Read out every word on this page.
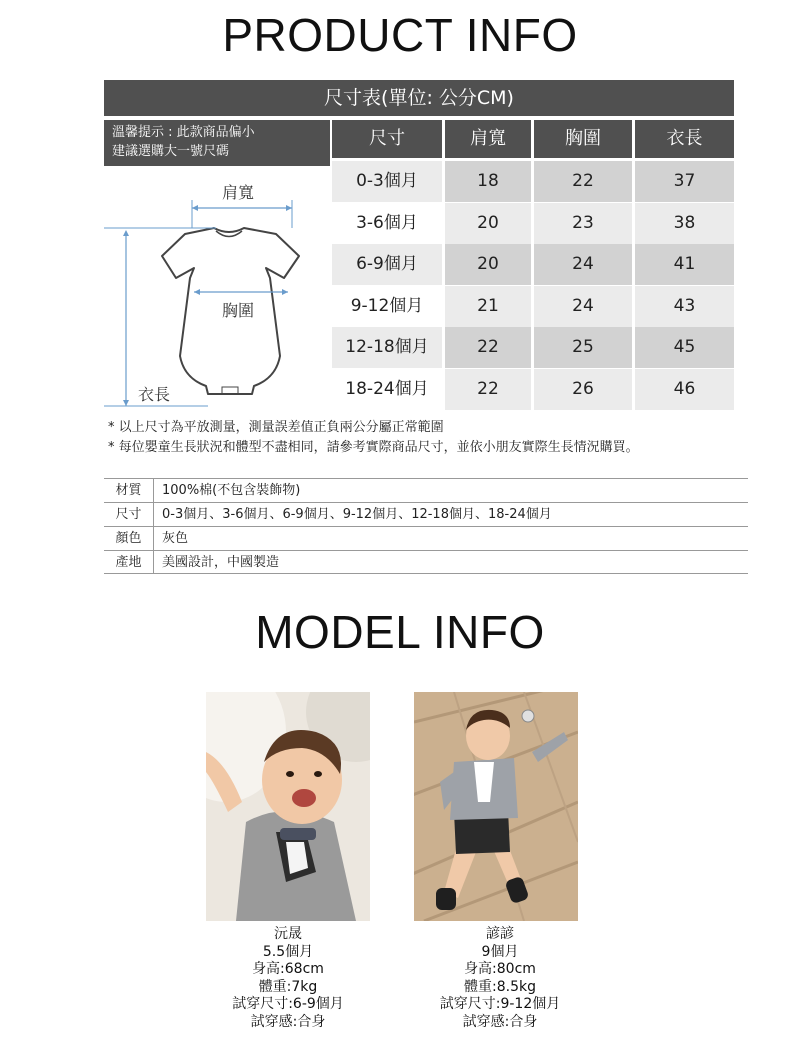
PRODUCT INFO
尺寸表(單位: 公分CM)
溫馨提示 : 此款商品偏小
建議選購大一號尺碼
尺寸	肩寬	胸圍	衣長
0-3個月	18	22	37
3-6個月	20	23	38
6-9個月	20	24	41
9-12個月	21	24	43
12-18個月	22	25	45
18-24個月	22	26	46
肩寬
胸圍
衣長
* 以上尺寸為平放測量，測量誤差值正負兩公分屬正常範圍
* 每位嬰童生長狀況和體型不盡相同，請參考實際商品尺寸，並依小朋友實際生長情況購買。
材質	100%棉(不包含裝飾物)
尺寸	0-3個月、3-6個月、6-9個月、9-12個月、12-18個月、18-24個月
顏色	灰色
產地	美國設計，中國製造
MODEL INFO
沅晟
5.5個月
身高:68cm
體重:7kg
試穿尺寸:6-9個月
試穿感:合身
諺諺
9個月
身高:80cm
體重:8.5kg
試穿尺寸:9-12個月
試穿感:合身
